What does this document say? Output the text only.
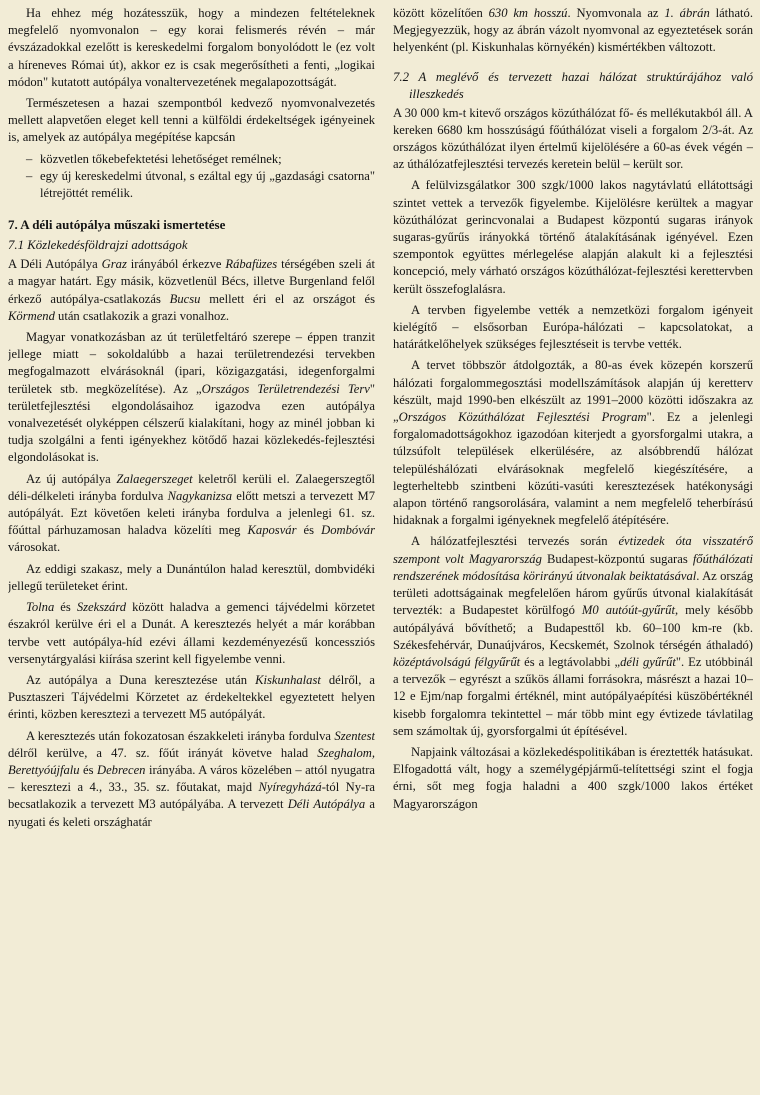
Ha ehhez még hozátesszük, hogy a mindezen feltételeknek megfelelő nyomvonalon – egy korai felismerés révén – már évszázadokkal ezelőtt is kereskedelmi forgalom bonyolódott le (ez volt a híreneves Római út), akkor ez is csak megerősítheti a fenti, „logikai módon" kutatott autópálya vonaltervezetének megalapozottságát.

Természetesen a hazai szempontból kedvező nyomvonalvezetés mellett alapvetően eleget kell tenni a külföldi érdekeltségek igényeinek is, amelyek az autópálya megépítése kapcsán

– közvetlen tőkebefektetési lehetőséget remélnek;
– egy új kereskedelmi útvonal, s ezáltal egy új „gazdasági csatorna" létrejöttét remélik.
7. A déli autópálya műszaki ismertetése
7.1 Közlekedésföldrajzi adottságok

A Déli Autópálya Graz irányából érkezve Rábafüzes térségében szeli át a magyar határt. Egy másik, közvetlenül Bécs, illetve Burgenland felől érkező autópálya-csatlakozás Bucsu mellett éri el az országot és Körmend után csatlakozik a grazi vonalhoz.

Magyar vonatkozásban az út területfeltáró szerepe – éppen tranzit jellege miatt – sokoldalúbb a hazai területrendezési tervekben megfogalmazott elvárásoknál (ipari, közigazgatási, idegenforgalmi területek stb. megközelítése). Az „Országos Területrendezési Terv" területfejlesztési elgondolásaihoz igazodva ezen autópálya vonalvezetését olyképpen célszerű kialakítani, hogy az minél jobban ki tudja szolgálni a fenti igényekhez kötődő hazai közlekedés-fejlesztési elgondolásokat is.

Az új autópálya Zalaegerszeget keletről kerüli el. Zalaegerszegtől déli-délkeleti irányba fordulva Nagykanizsa előtt metszi a tervezett M7 autópályát. Ezt követően keleti irányba fordulva a jelenlegi 61. sz. főúttal párhuzamosan haladva közelíti meg Kaposvár és Dombóvár városokat.

Az eddigi szakasz, mely a Dunántúlon halad keresztül, dombvidéki jellegű területeket érint.

Tolna és Szekszárd között haladva a gemenci tájvédelmi körzetet északról kerülve éri el a Dunát. A keresztezés helyét a már korábban tervbe vett autópálya-híd ezévi állami kezdeményezésű koncessziós versenytárgyalási kiírása szerint kell figyelembe venni.

Az autópálya a Duna keresztezése után Kiskunhalast délről, a Pusztaszeri Tájvédelmi Körzetet az érdekeltekkel egyeztetett helyen érinti, közben keresztezi a tervezett M5 autópályát.

A keresztezés után fokozatosan északkeleti irányba fordulva Szentest délről kerülve, a 47. sz. főút irányát követve halad Szeghalom, Berettyóújfalu és Debrecen irányába. A város közelében – attól nyugatra – keresztezi a 4., 33., 35. sz. főutakat, majd Nyíregyházá-tól Ny-ra becsatlakozik a tervezett M3 autópályába. A tervezett Déli Autópálya a nyugati és keleti országhatár

között közelítően 630 km hosszú. Nyomvonala az 1. ábrán látható. Megjegyezzük, hogy az ábrán vázolt nyomvonal az egyeztetések során helyenként (pl. Kiskunhalas környékén) kismértékben változott.

7.2 A meglévő és tervezett hazai hálózat struktúrájához való illeszkedés

A 30 000 km-t kitevő országos közúthálózat fő- és mellékutakból áll. A kereken 6680 km hosszúságú főúthálózat viseli a forgalom 2/3-át. Az országos közúthálózat ilyen értelmű kijelölésére a 60-as évek végén – az úthálózatfejlesztési tervezés keretein belül – került sor.

A felülvizsgálatkor 300 szgk/1000 lakos nagytávlatú ellátottsági szintet vettek a tervezők figyelembe. Kijelölésre kerültek a magyar közúthálózat gerincvonalai a Budapest központú sugaras irányok sugaras-gyűrűs irányokká történő átalakításának igényével. Ezen szempontok együttes mérlegelése alapján alakult ki a fejlesztési koncepció, mely várható országos közúthálózat-fejlesztési kerettervben került összefoglalásra.

A tervben figyelembe vették a nemzetközi forgalom igényeit kielégítő – elsősorban Európa-hálózati – kapcsolatokat, a határátkelőhelyek szükséges fejlesztéseit is tervbe vették.

A tervet többször átdolgozták, a 80-as évek közepén korszerű hálózati forgalommegosztási modellszámítások alapján új keretterv készült, majd 1990-ben elkészült az 1991–2000 közötti időszakra az „Országos Közúthálózat Fejlesztési Program". Ez a jelenlegi forgalomadottságokhoz igazodóan kiterjedt a gyorsforgalmi utakra, a túlzsúfolt települések elkerülésére, az alsóbbrendű hálózat településhálózati elvárásoknak megfelelő kiegészítésére, a legterheltebb szintbeni közúti-vasúti keresztezések hatékonysági alapon történő rangsorolására, valamint a nem megfelelő teherbírású hidaknak a forgalmi igényeknek megfelelő átépítésére.

A hálózatfejlesztési tervezés során évtizedek óta visszatérő szempont volt Magyarország Budapest-központú sugaras főúthálózati rendszerének módosítása körirányú útvonalak beiktatásával. Az ország területi adottságainak megfelelően három gyűrűs útvonal kialakítását tervezték: a Budapestet körülfogó M0 autóút-gyűrűt, mely később autópályává bővíthető; a Budapesttől kb. 60–100 km-re (kb. Székesfehérvár, Dunaújváros, Kecskemét, Szolnok térségén áthaladó) középtávolságú félgyűrűt és a legtávolabbi „déli gyűrűt". Ez utóbbinál a tervezők – egyrészt a szűkös állami forrásokra, másrészt a hazai 10–12 e Ejm/nap forgalmi értéknél, mint autópályaépítési küszöbértéknél kisebb forgalomra tekintettel – már több mint egy évtizede távlatilag sem számoltak új, gyorsforgalmi út építésével.

Napjaink változásai a közlekedéspolitikában is éreztették hatásukat. Elfogadottá vált, hogy a személygépjármű-telítettségi szint el fogja érni, sőt meg fogja haladni a 400 szgk/1000 lakos értéket Magyarországon
